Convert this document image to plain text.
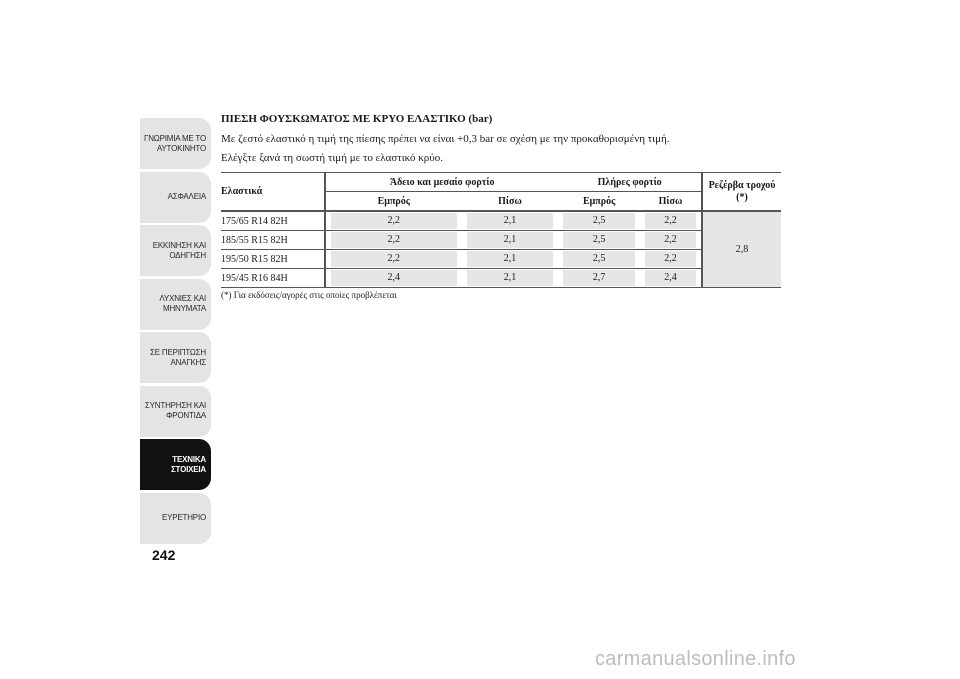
ΓΝΩΡΙΜΙΑ ΜΕ ΤΟ
ΑΥΤΟΚΙΝΗΤΟ
ΑΣΦΑΛΕΙΑ
ΕΚΚΙΝΗΣΗ ΚΑΙ
ΟΔΗΓΗΣΗ
ΛΥΧΝΙΕΣ ΚΑΙ
ΜΗΝΥΜΑΤΑ
ΣΕ ΠΕΡΙΠΤΩΣΗ
ΑΝΑΓΚΗΣ
ΣΥΝΤΗΡΗΣΗ ΚΑΙ
ΦΡΟΝΤΙΔΑ
ΤΕΧΝΙΚΑ
ΣΤΟΙΧΕΙΑ
ΕΥΡΕΤΗΡΙΟ
242

ΠΙΕΣΗ ΦΟΥΣΚΩΜΑΤΟΣ ΜΕ ΚΡΥΟ ΕΛΑΣΤΙΚΟ (bar)

Με ζεστό ελαστικό η τιμή της πίεσης πρέπει να είναι +0,3 bar σε σχέση με την προκαθορισμένη τιμή.

Ελέγξτε ξανά τη σωστή τιμή με το ελαστικό κρύο.

Ελαστικά	Άδειο και μεσαίο φορτίο		Πλήρες φορτίο		Ρεζέρβα τροχού
(*)
	Εμπρός	Πίσω	Εμπρός	Πίσω	
175/65 R14 82H	2,2	2,1	2,5	2,2	2,8
185/55 R15 82H	2,2	2,1	2,5	2,2	

195/50 R15 82H	2,2	2,1	2,5	2,2	

195/45 R16 84H	2,4	2,1	2,7	2,4	
(*) Για εκδόσεις/αγορές στις οποίες προβλέπεται
carmanualsonline.info
